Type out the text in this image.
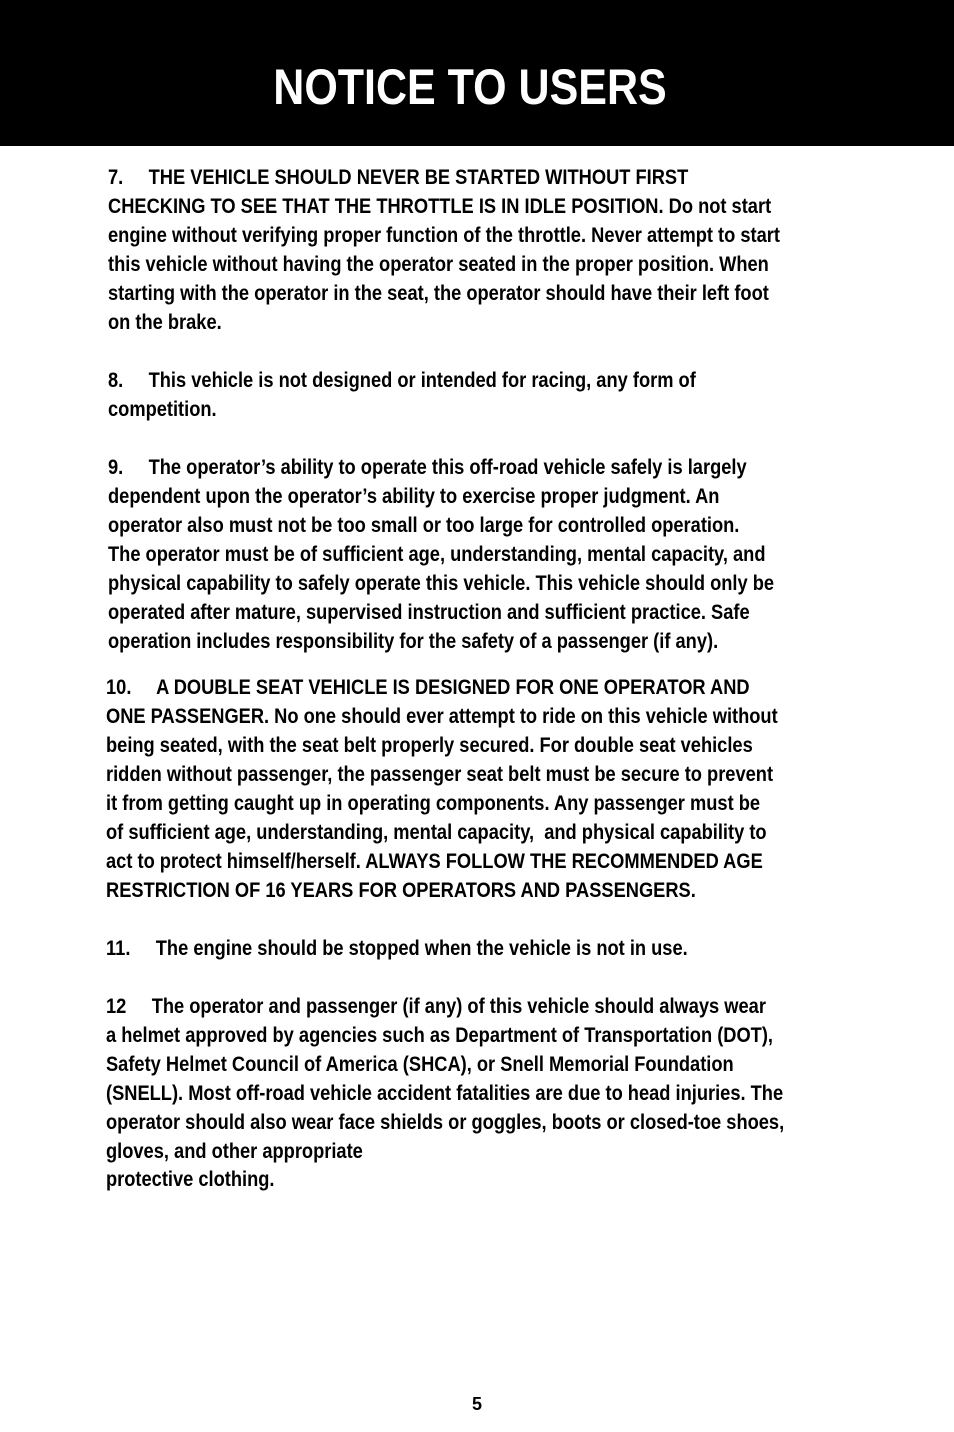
NOTICE TO USERS
7.     THE VEHICLE SHOULD NEVER BE STARTED WITHOUT FIRST
CHECKING TO SEE THAT THE THROTTLE IS IN IDLE POSITION. Do not start
engine without verifying proper function of the throttle. Never attempt to start
this vehicle without having the operator seated in the proper position. When
starting with the operator in the seat, the operator should have their left foot
on the brake.
8.     This vehicle is not designed or intended for racing, any form of
competition.
9.     The operator’s ability to operate this off-road vehicle safely is largely
dependent upon the operator’s ability to exercise proper judgment. An
operator also must not be too small or too large for controlled operation.
The operator must be of sufficient age, understanding, mental capacity, and
physical capability to safely operate this vehicle. This vehicle should only be
operated after mature, supervised instruction and sufficient practice. Safe
operation includes responsibility for the safety of a passenger (if any).
10.     A DOUBLE SEAT VEHICLE IS DESIGNED FOR ONE OPERATOR AND
ONE PASSENGER. No one should ever attempt to ride on this vehicle without
being seated, with the seat belt properly secured. For double seat vehicles
ridden without passenger, the passenger seat belt must be secure to prevent
it from getting caught up in operating components. Any passenger must be
of sufficient age, understanding, mental capacity,  and physical capability to
act to protect himself/herself. ALWAYS FOLLOW THE RECOMMENDED AGE
RESTRICTION OF 16 YEARS FOR OPERATORS AND PASSENGERS.
11.     The engine should be stopped when the vehicle is not in use.
12     The operator and passenger (if any) of this vehicle should always wear
a helmet approved by agencies such as Department of Transportation (DOT),
Safety Helmet Council of America (SHCA), or Snell Memorial Foundation
(SNELL). Most off-road vehicle accident fatalities are due to head injuries. The
operator should also wear face shields or goggles, boots or closed-toe shoes,
gloves, and other appropriate
protective clothing.
5
